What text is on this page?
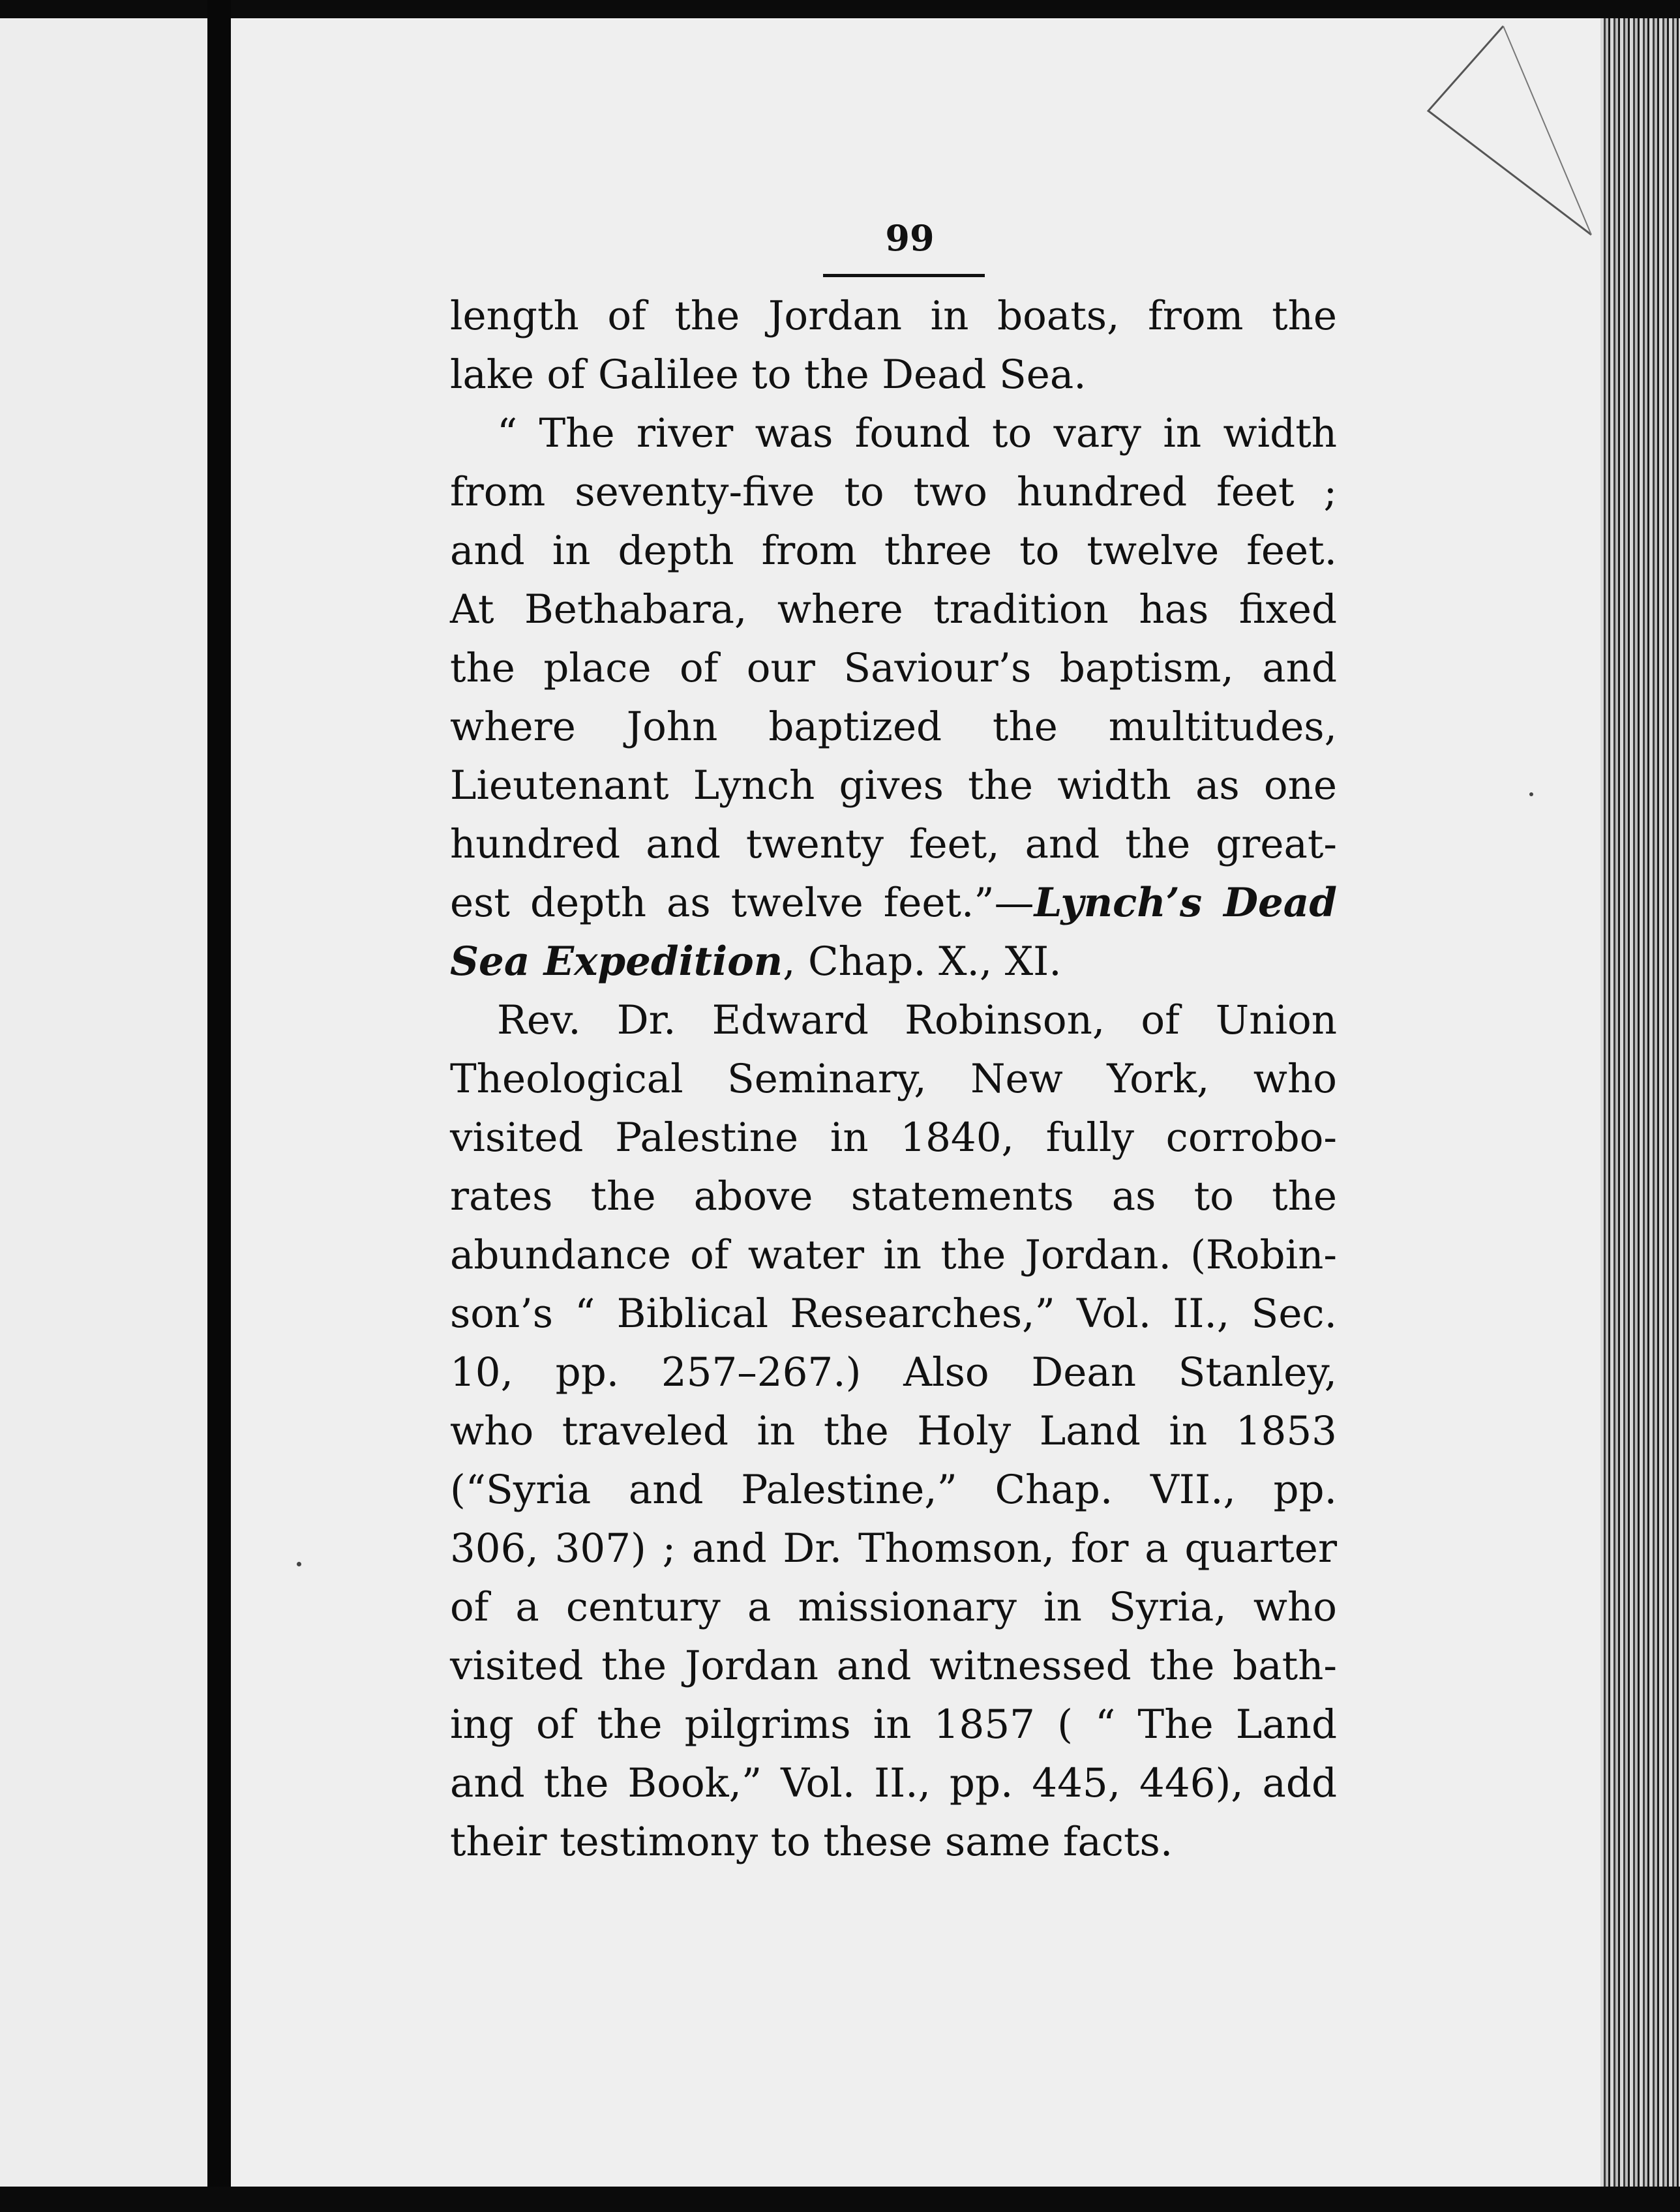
99
length of the Jordan in boats, from the
lake of Galilee to the Dead Sea.
“ The river was found to vary in width
from seventy-five to two hundred feet ;
and in depth from three to twelve feet.
At Bethabara, where tradition has fixed
the place of our Saviour’s baptism, and
where John baptized the multitudes,
Lieutenant Lynch gives the width as one
hundred and twenty feet, and the great-
est depth as twelve feet.”—Lynch’s Dead
Sea Expedition, Chap. X., XI.
Rev. Dr. Edward Robinson, of Union
Theological Seminary, New York, who
visited Palestine in 1840, fully corrobo-
rates the above statements as to the
abundance of water in the Jordan. (Robin-
son’s “ Biblical Researches,” Vol. II., Sec.
10, pp. 257–267.) Also Dean Stanley,
who traveled in the Holy Land in 1853
(“Syria and Palestine,” Chap. VII., pp.
306, 307) ; and Dr. Thomson, for a quarter
of a century a missionary in Syria, who
visited the Jordan and witnessed the bath-
ing of the pilgrims in 1857 ( “ The Land
and the Book,” Vol. II., pp. 445, 446), add
their testimony to these same facts.
